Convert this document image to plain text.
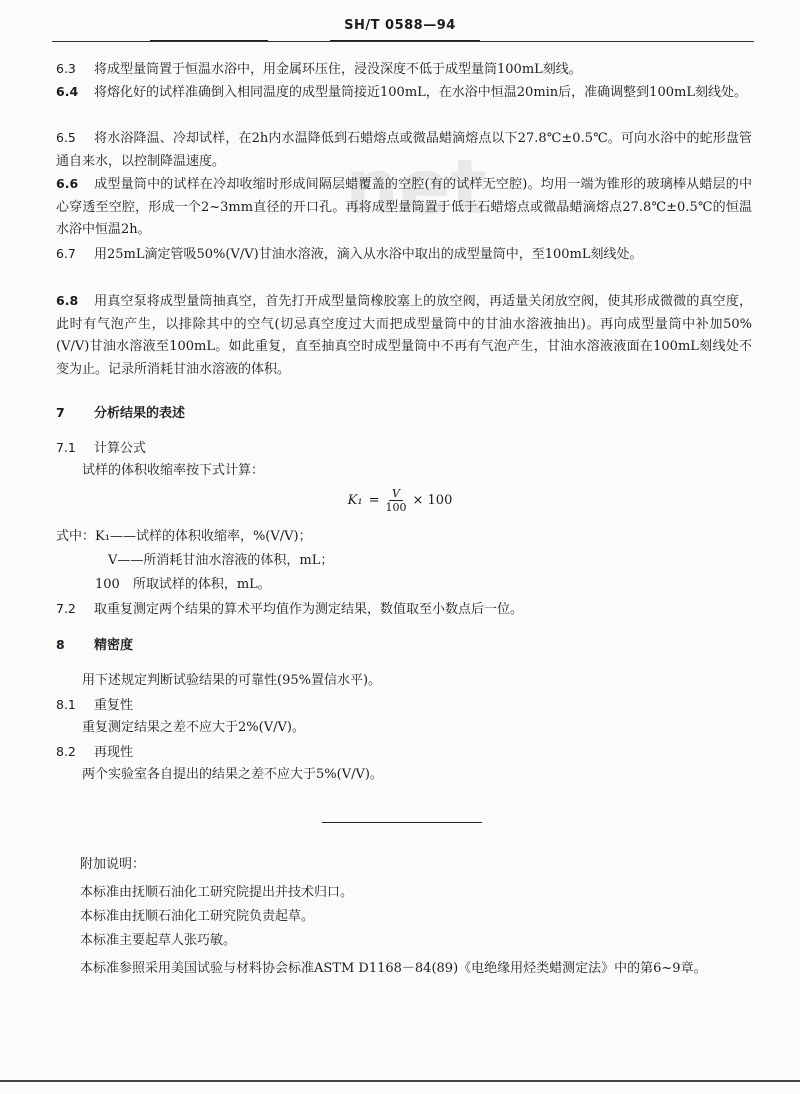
SH/T 0588—94
net

6.3 将成型量筒置于恒温水浴中，用金属环压住，浸没深度不低于成型量筒100mL刻线。

6.4 将熔化好的试样准确倒入相同温度的成型量筒接近100mL，在水浴中恒温20min后，准确调整到100mL刻线处。

6.5 将水浴降温、冷却试样，在2h内水温降低到石蜡熔点或微晶蜡滴熔点以下27.8℃±0.5℃。可向水浴中的蛇形盘管通自来水，以控制降温速度。

6.6 成型量筒中的试样在冷却收缩时形成间隔层蜡覆盖的空腔(有的试样无空腔)。均用一端为锥形的玻璃棒从蜡层的中心穿透至空腔，形成一个2~3mm直径的开口孔。再将成型量筒置于低于石蜡熔点或微晶蜡滴熔点27.8℃±0.5℃的恒温水浴中恒温2h。

6.7 用25mL滴定管吸50%(V/V)甘油水溶液，滴入从水浴中取出的成型量筒中，至100mL刻线处。

6.8 用真空泵将成型量筒抽真空，首先打开成型量筒橡胶塞上的放空阀，再适量关闭放空阀，使其形成微微的真空度，此时有气泡产生，以排除其中的空气(切忌真空度过大而把成型量筒中的甘油水溶液抽出)。再向成型量筒中补加50%(V/V)甘油水溶液至100mL。如此重复，直至抽真空时成型量筒中不再有气泡产生，甘油水溶液液面在100mL刻线处不变为止。记录所消耗甘油水溶液的体积。

7 分析结果的表述

7.1 计算公式

试样的体积收缩率按下式计算：

$K_1 = \frac{V}{100} \times 100$

式中：K₁——试样的体积收缩率，%(V/V)；

V——所消耗甘油水溶液的体积，mL；

100　所取试样的体积，mL。

7.2 取重复测定两个结果的算术平均值作为测定结果，数值取至小数点后一位。

8 精密度

用下述规定判断试验结果的可靠性(95%置信水平)。

8.1 重复性

重复测定结果之差不应大于2%(V/V)。

8.2 再现性

两个实验室各自提出的结果之差不应大于5%(V/V)。

附加说明：

本标准由抚顺石油化工研究院提出并技术归口。

本标准由抚顺石油化工研究院负责起草。

本标准主要起草人张巧敏。

本标准参照采用美国试验与材料协会标准ASTM D1168－84(89)《电绝缘用烃类蜡测定法》中的第6~9章。
